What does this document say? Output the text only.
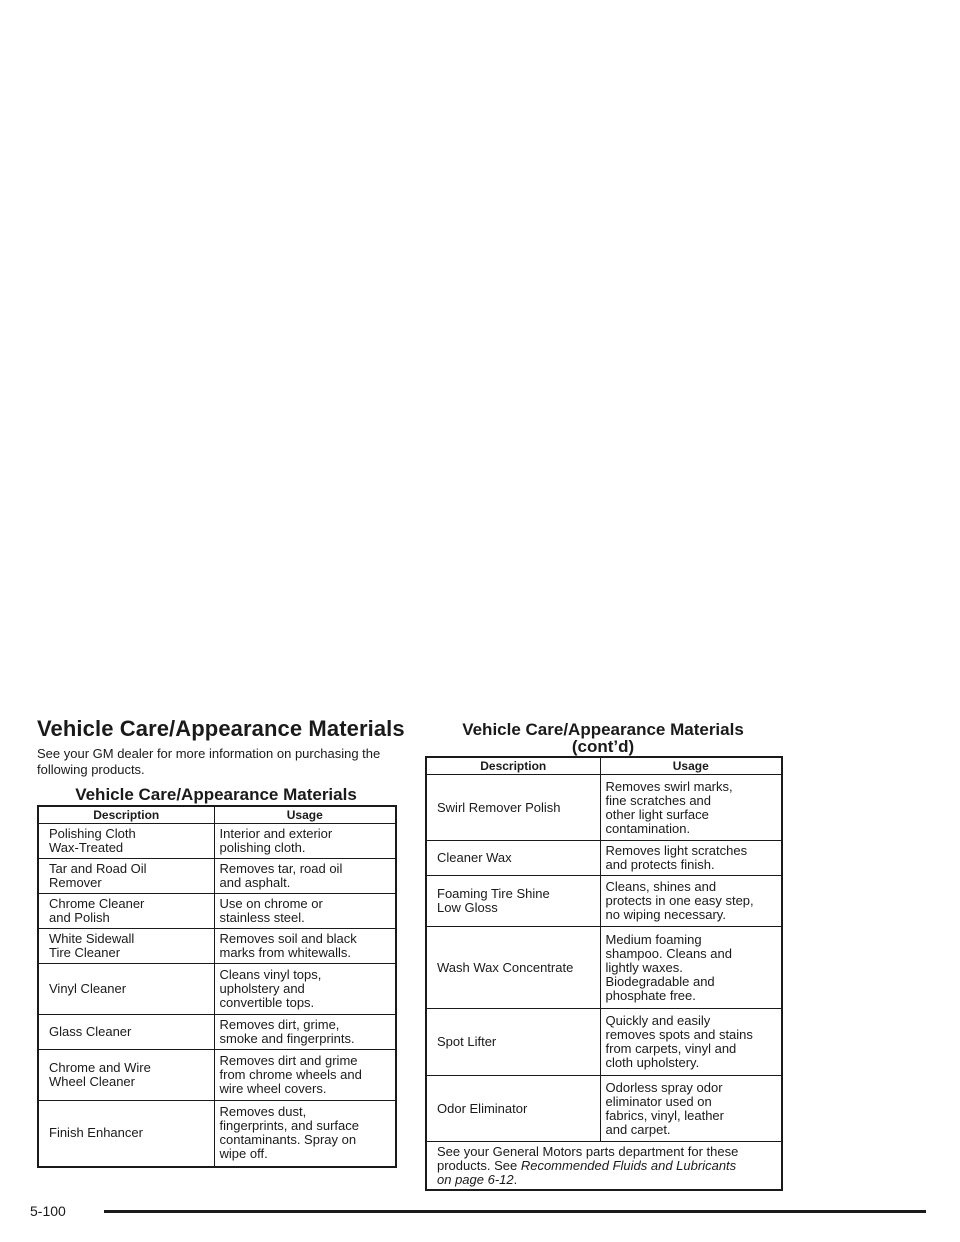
Vehicle Care/Appearance Materials

See your GM dealer for more information on purchasing the following products.

Vehicle Care/Appearance Materials
Description	Usage
Polishing Cloth
Wax-Treated	Interior and exterior
polishing cloth.
Tar and Road Oil
Remover	Removes tar, road oil
and asphalt.
Chrome Cleaner
and Polish	Use on chrome or
stainless steel.
White Sidewall
Tire Cleaner	Removes soil and black
marks from whitewalls.
Vinyl Cleaner	Cleans vinyl tops,
upholstery and
convertible tops.
Glass Cleaner	Removes dirt, grime,
smoke and fingerprints.
Chrome and Wire
Wheel Cleaner	Removes dirt and grime
from chrome wheels and
wire wheel covers.
Finish Enhancer	Removes dust,
fingerprints, and surface
contaminants. Spray on
wipe off.
Vehicle Care/Appearance Materials
(cont’d)
Description	Usage
Swirl Remover Polish	Removes swirl marks,
fine scratches and
other light surface
contamination.
Cleaner Wax	Removes light scratches
and protects finish.
Foaming Tire Shine
Low Gloss	Cleans, shines and
protects in one easy step,
no wiping necessary.
Wash Wax Concentrate	Medium foaming
shampoo. Cleans and
lightly waxes.
Biodegradable and
phosphate free.
Spot Lifter	Quickly and easily
removes spots and stains
from carpets, vinyl and
cloth upholstery.
Odor Eliminator	Odorless spray odor
eliminator used on
fabrics, vinyl, leather
and carpet.
See your General Motors parts department for these
products. See Recommended Fluids and Lubricants
on page 6-12.	
5-100
